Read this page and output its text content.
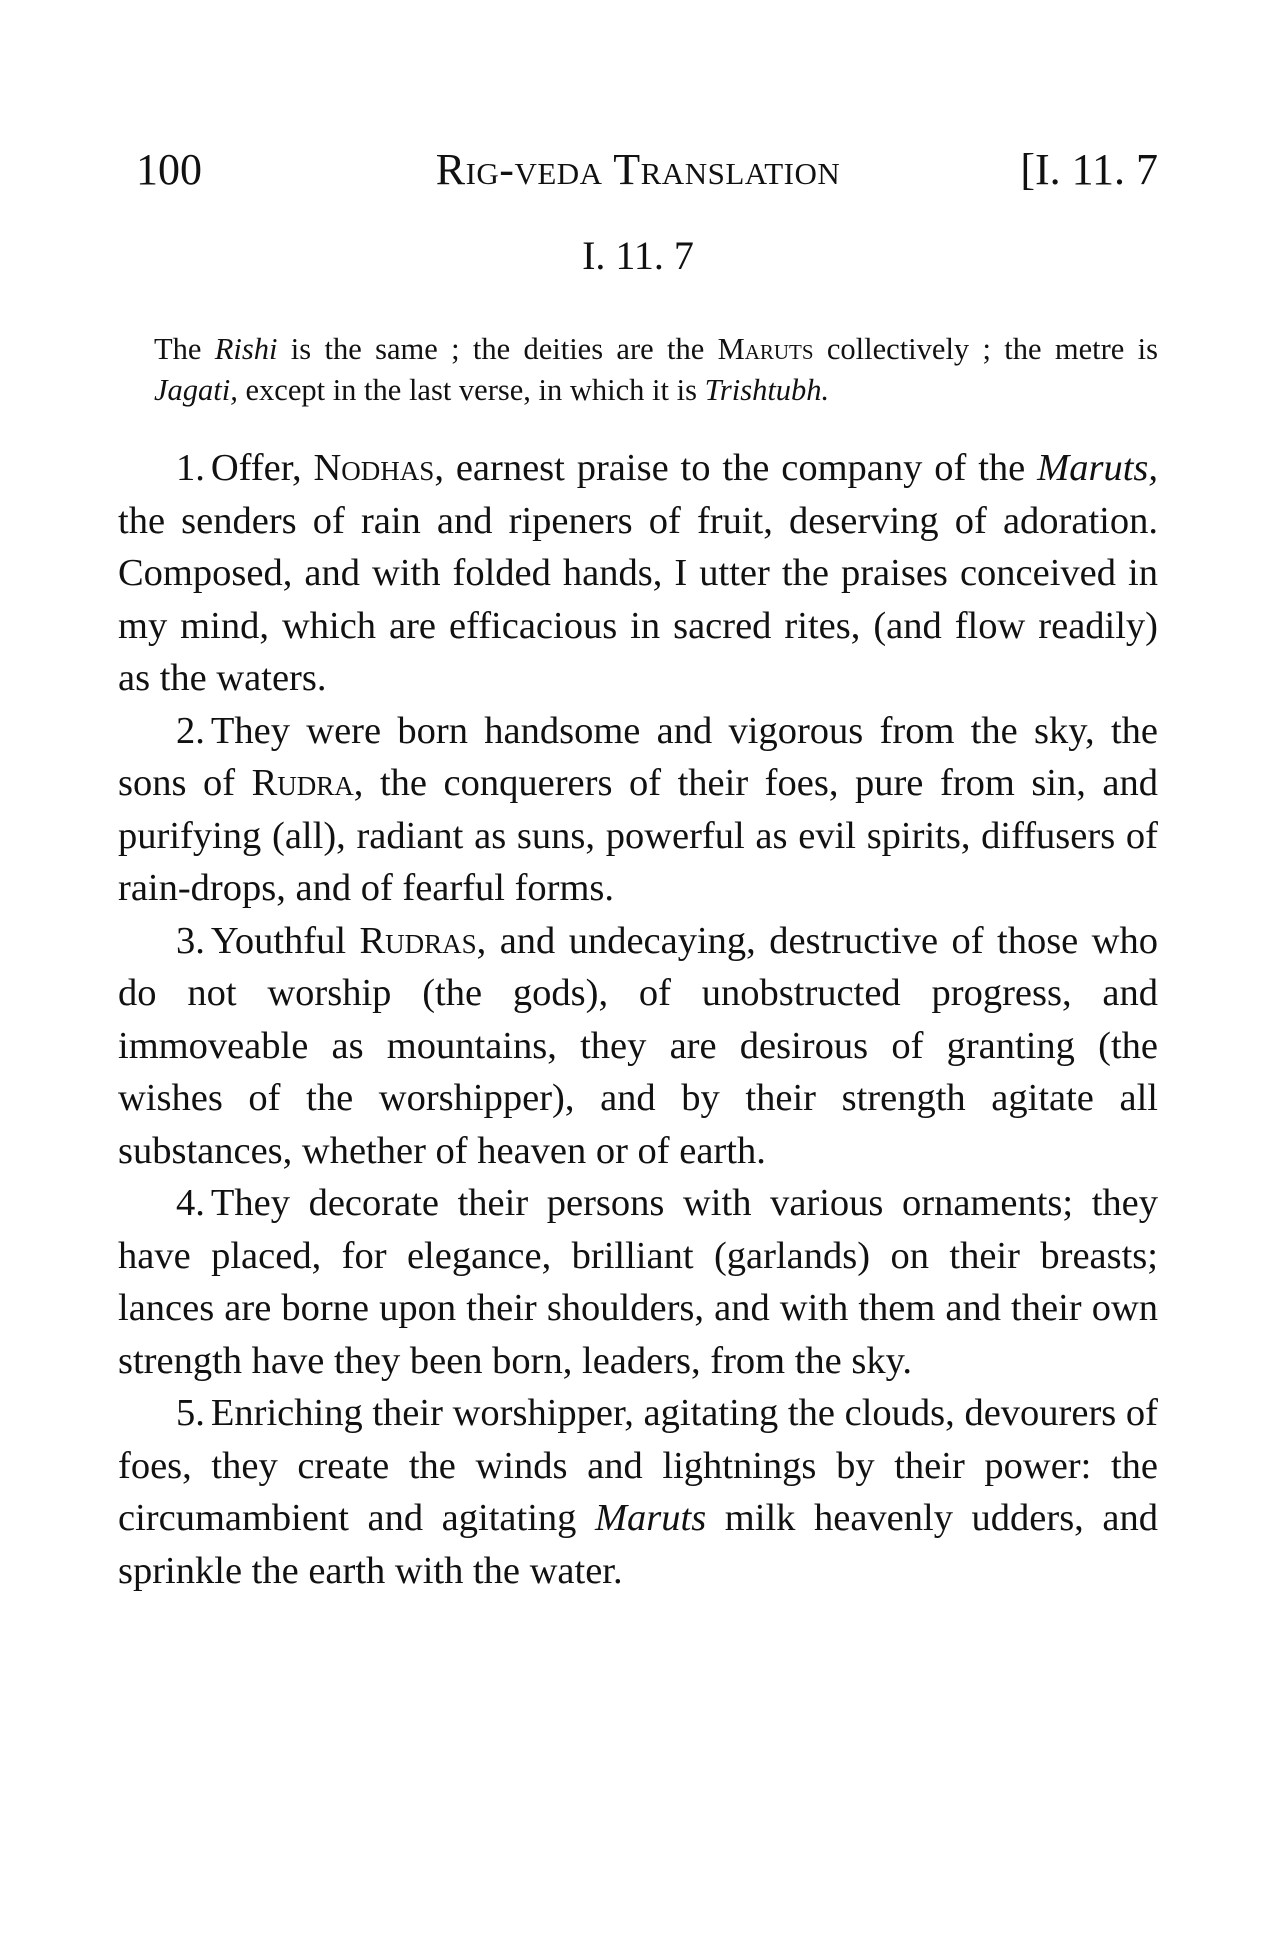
100	Rig-veda Translation	[I. 11. 7
I. 11. 7

The Rishi is the same ; the deities are the Maruts collectively ; the metre is Jagati, except in the last verse, in which it is Trishtubh.

1. Offer, Nodhas, earnest praise to the company of the Maruts, the senders of rain and ripeners of fruit, deserving of adoration. Composed, and with folded hands, I utter the praises conceived in my mind, which are efficacious in sacred rites, (and flow readily) as the waters.

2. They were born handsome and vigorous from the sky, the sons of Rudra, the conquerers of their foes, pure from sin, and purifying (all), radiant as suns, powerful as evil spirits, diffusers of rain-drops, and of fearful forms.

3. Youthful Rudras, and undecaying, destructive of those who do not worship (the gods), of unobstructed progress, and immoveable as mountains, they are desirous of granting (the wishes of the worshipper), and by their strength agitate all substances, whether of heaven or of earth.

4. They decorate their persons with various ornaments; they have placed, for elegance, brilliant (garlands) on their breasts; lances are borne upon their shoulders, and with them and their own strength have they been born, leaders, from the sky.

5. Enriching their worshipper, agitating the clouds, devourers of foes, they create the winds and lightnings by their power: the circumambient and agitating Maruts milk heavenly udders, and sprinkle the earth with the water.
